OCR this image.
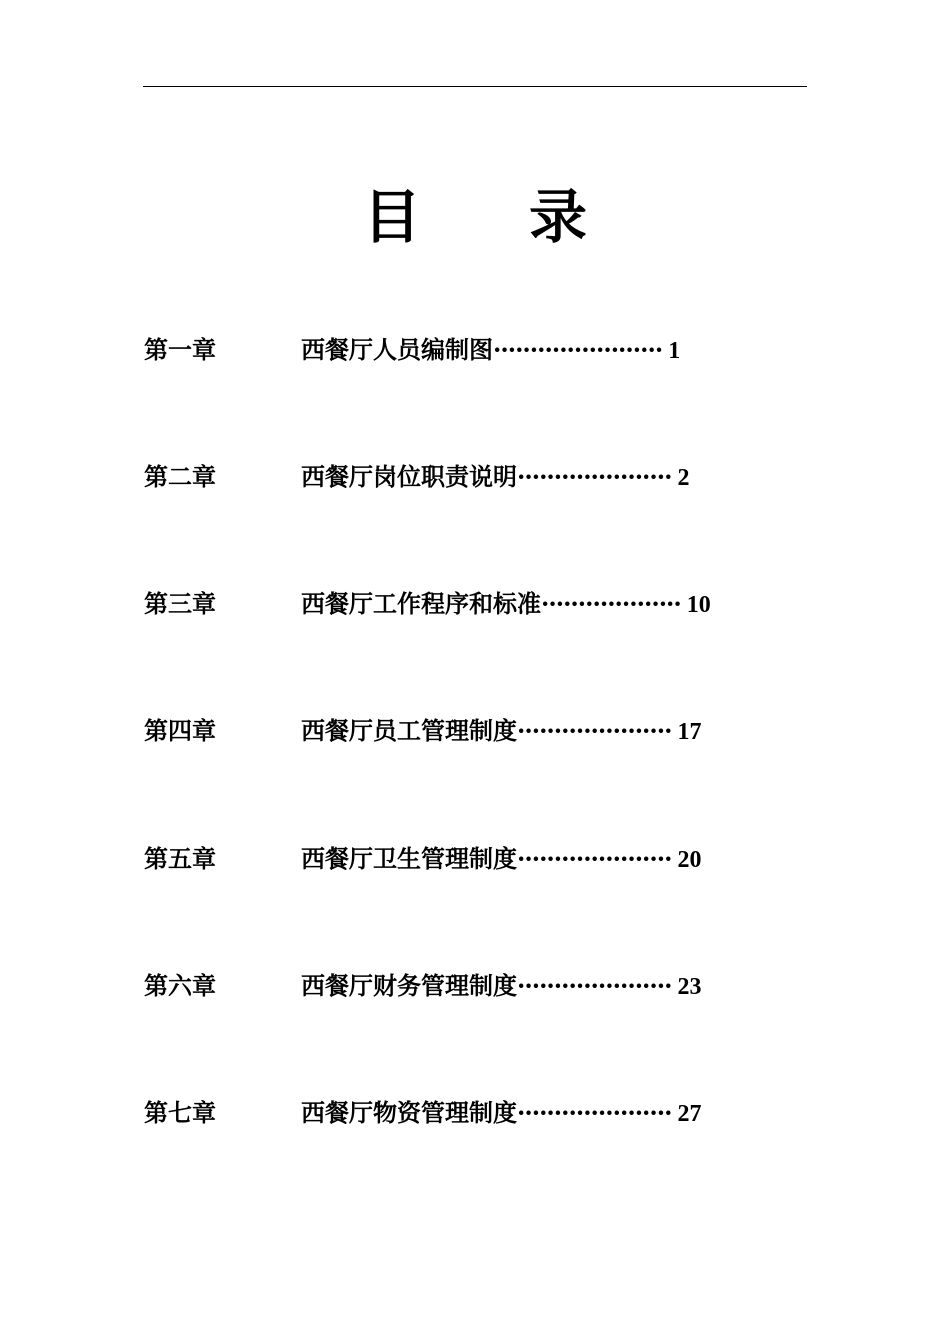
目 录
第一章	西餐厅人员编制图······················· 1
第二章	西餐厅岗位职责说明····················· 2
第三章	西餐厅工作程序和标准··················· 10
第四章	西餐厅员工管理制度····················· 17
第五章	西餐厅卫生管理制度····················· 20
第六章	西餐厅财务管理制度····················· 23
第七章	西餐厅物资管理制度····················· 27
